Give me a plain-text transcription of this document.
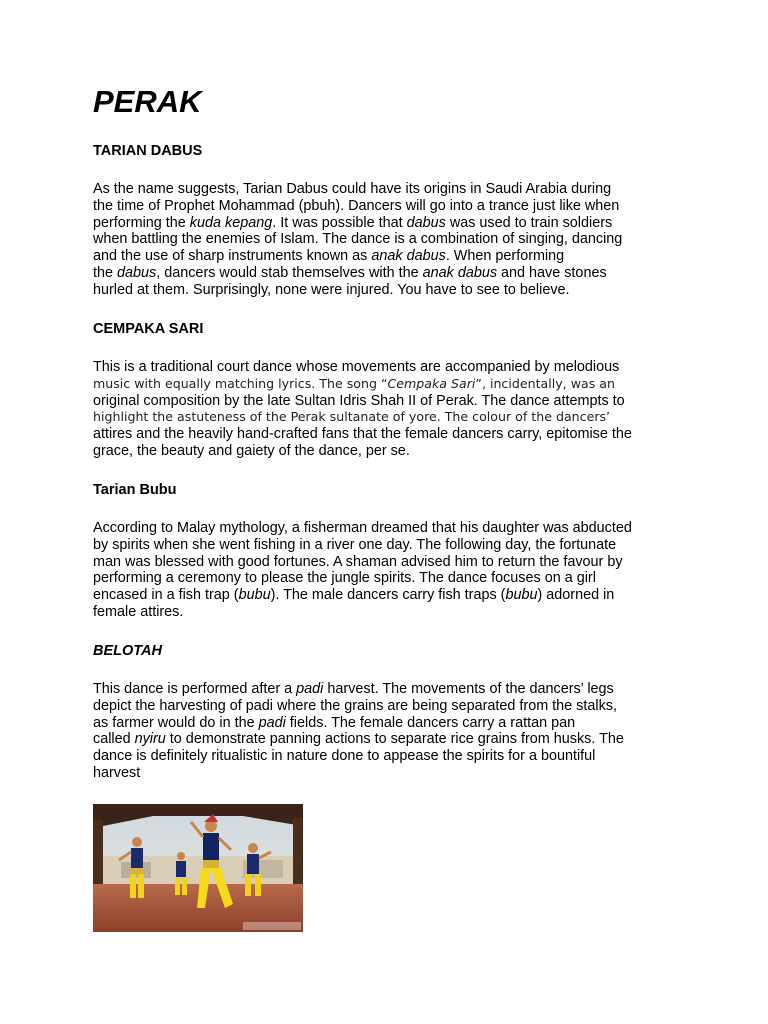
PERAK
TARIAN DABUS
As the name suggests, Tarian Dabus could have its origins in Saudi Arabia during
the time of Prophet Mohammad (pbuh). Dancers will go into a trance just like when
performing the kuda kepang. It was possible that dabus was used to train soldiers
when battling the enemies of Islam. The dance is a combination of singing, dancing
and the use of sharp instruments known as anak dabus. When performing
the dabus, dancers would stab themselves with the anak dabus and have stones
hurled at them. Surprisingly, none were injured. You have to see to believe.
CEMPAKA SARI
This is a traditional court dance whose movements are accompanied by melodious
music with equally matching lyrics. The song “Cempaka Sari”, incidentally, was an
original composition by the late Sultan Idris Shah II of Perak. The dance attempts to
highlight the astuteness of the Perak sultanate of yore. The colour of the dancers’
attires and the heavily hand-crafted fans that the female dancers carry, epitomise the
grace, the beauty and gaiety of the dance, per se.
Tarian Bubu
According to Malay mythology, a fisherman dreamed that his daughter was abducted
by spirits when she went fishing in a river one day. The following day, the fortunate
man was blessed with good fortunes. A shaman advised him to return the favour by
performing a ceremony to please the jungle spirits. The dance focuses on a girl
encased in a fish trap (bubu). The male dancers carry fish traps (bubu) adorned in
female attires.
BELOTAH
This dance is performed after a padi harvest. The movements of the dancers’ legs
depict the harvesting of padi where the grains are being separated from the stalks,
as farmer would do in the padi fields. The female dancers carry a rattan pan
called nyiru to demonstrate panning actions to separate rice grains from husks. The
dance is definitely ritualistic in nature done to appease the spirits for a bountiful
harvest
